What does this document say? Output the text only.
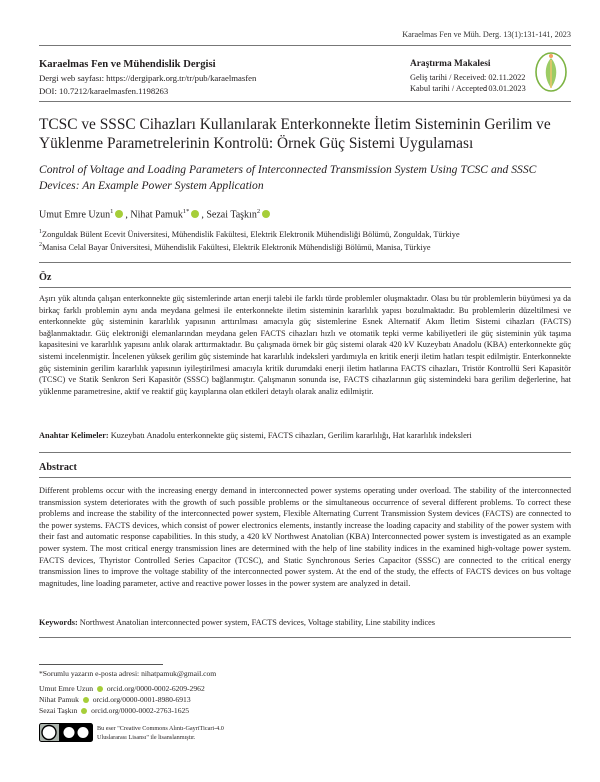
Karaelmas Fen ve Müh. Derg. 13(1):131-141, 2023
Karaelmas Fen ve Mühendislik Dergisi
Dergi web sayfası: https://dergipark.org.tr/tr/pub/karaelmasfen
DOI: 10.7212/karaelmasfen.1198263
Araştırma Makalesi
Geliş tarihi / Received : 02.11.2022
Kabul tarihi / Accepted
: 03.01.2023
TCSC ve SSSC Cihazları Kullanılarak Enterkonnekte İletim Sisteminin Gerilim ve Yüklenme Parametrelerinin Kontrolü: Örnek Güç Sistemi Uygulaması
Control of Voltage and Loading Parameters of Interconnected Transmission System Using TCSC and SSSC Devices: An Example Power System Application
Umut Emre Uzun$^1$ , Nihat Pamuk$^{1*}$ , Sezai Taşkın$^2$
$^1$Zonguldak Bülent Ecevit Üniversitesi, Mühendislik Fakültesi, Elektrik Elektronik Mühendisliği Bölümü, Zonguldak, Türkiye
$^2$Manisa Celal Bayar Üniversitesi, Mühendislik Fakültesi, Elektrik Elektronik Mühendisliği Bölümü, Manisa, Türkiye
Öz
Aşırı yük altında çalışan enterkonnekte güç sistemlerinde artan enerji talebi ile farklı türde problemler oluşmaktadır. Olası bu tür problemlerin büyümesi ya da birkaç farklı problemin aynı anda meydana gelmesi ile enterkonnekte iletim sisteminin kararlılık yapısı bozulmaktadır. Bu problemlerin düzeltilmesi ve enterkonnekte güç sisteminin kararlılık yapısının arttırılması amacıyla güç sistemlerine Esnek Alternatif Akım İletim Sistemi cihazları (FACTS) bağlanmaktadır. Güç elektroniği elemanlarından meydana gelen FACTS cihazları hızlı ve otomatik tepki verme kabiliyetleri ile güç sisteminin yük taşıma kapasitesini ve kararlılık yapısını anlık olarak arttırmaktadır. Bu çalışmada örnek bir güç sistemi olarak 420 kV Kuzeybatı Anadolu (KBA) enterkonnekte güç sistemi incelenmiştir. İncelenen yüksek gerilim güç sisteminde hat kararlılık indeksleri yardımıyla en kritik enerji iletim hatları tespit edilmiştir. Enterkonnekte güç sisteminin gerilim kararlılık yapısının iyileştirilmesi amacıyla kritik durumdaki enerji iletim hatlarına FACTS cihazları, Tristör Kontrollü Seri Kapasitör (TCSC) ve Statik Senkron Seri Kapasitör (SSSC) bağlanmıştır. Çalışmanın sonunda ise, FACTS cihazlarının güç sistemindeki bara gerilim değerlerine, hat yüklenme parametresine, aktif ve reaktif güç kayıplarına olan etkileri detaylı olarak analiz edilmiştir.
Anahtar Kelimeler: Kuzeybatı Anadolu enterkonnekte güç sistemi, FACTS cihazları, Gerilim kararlılığı, Hat kararlılık indeksleri
Abstract
Different problems occur with the increasing energy demand in interconnected power systems operating under overload. The stability of the interconnected transmission system deteriorates with the growth of such possible problems or the simultaneous occurrence of several different problems. To correct these problems and increase the stability of the interconnected power system, Flexible Alternating Current Transmission System devices (FACTS) are connected to the power systems. FACTS devices, which consist of power electronics elements, instantly increase the loading capacity and stability of the power system with their fast and automatic response capabilities. In this study, a 420 kV Northwest Anatolian (KBA) Interconnected power system is investigated as an example power system. The most critical energy transmission lines are determined with the help of line stability indices in the examined high-voltage power system. FACTS devices, Thyristor Controlled Series Capacitor (TCSC), and Static Synchronous Series Capacitor (SSSC) are connected to the critical energy transmission lines to improve the voltage stability of the interconnected power system. At the end of the study, the effects of FACTS devices on bus voltage magnitudes, line loading parameter, active and reactive power losses in the power system are analyzed in detail.
Keywords: Northwest Anatolian interconnected power system, FACTS devices, Voltage stability, Line stability indices
*Sorumlu yazarın e-posta adresi: nihatpamuk@gmail.com
Umut Emre Uzun orcid.org/0000-0002-6209-2962
Nihat Pamuk orcid.org/0000-0001-8980-6913
Sezai Taşkın orcid.org/0000-0002-2763-1625
Bu eser "Creative Commons Alıntı-GayriTicari-4.0 Uluslararası Lisansı" ile lisanslanmıştır.
